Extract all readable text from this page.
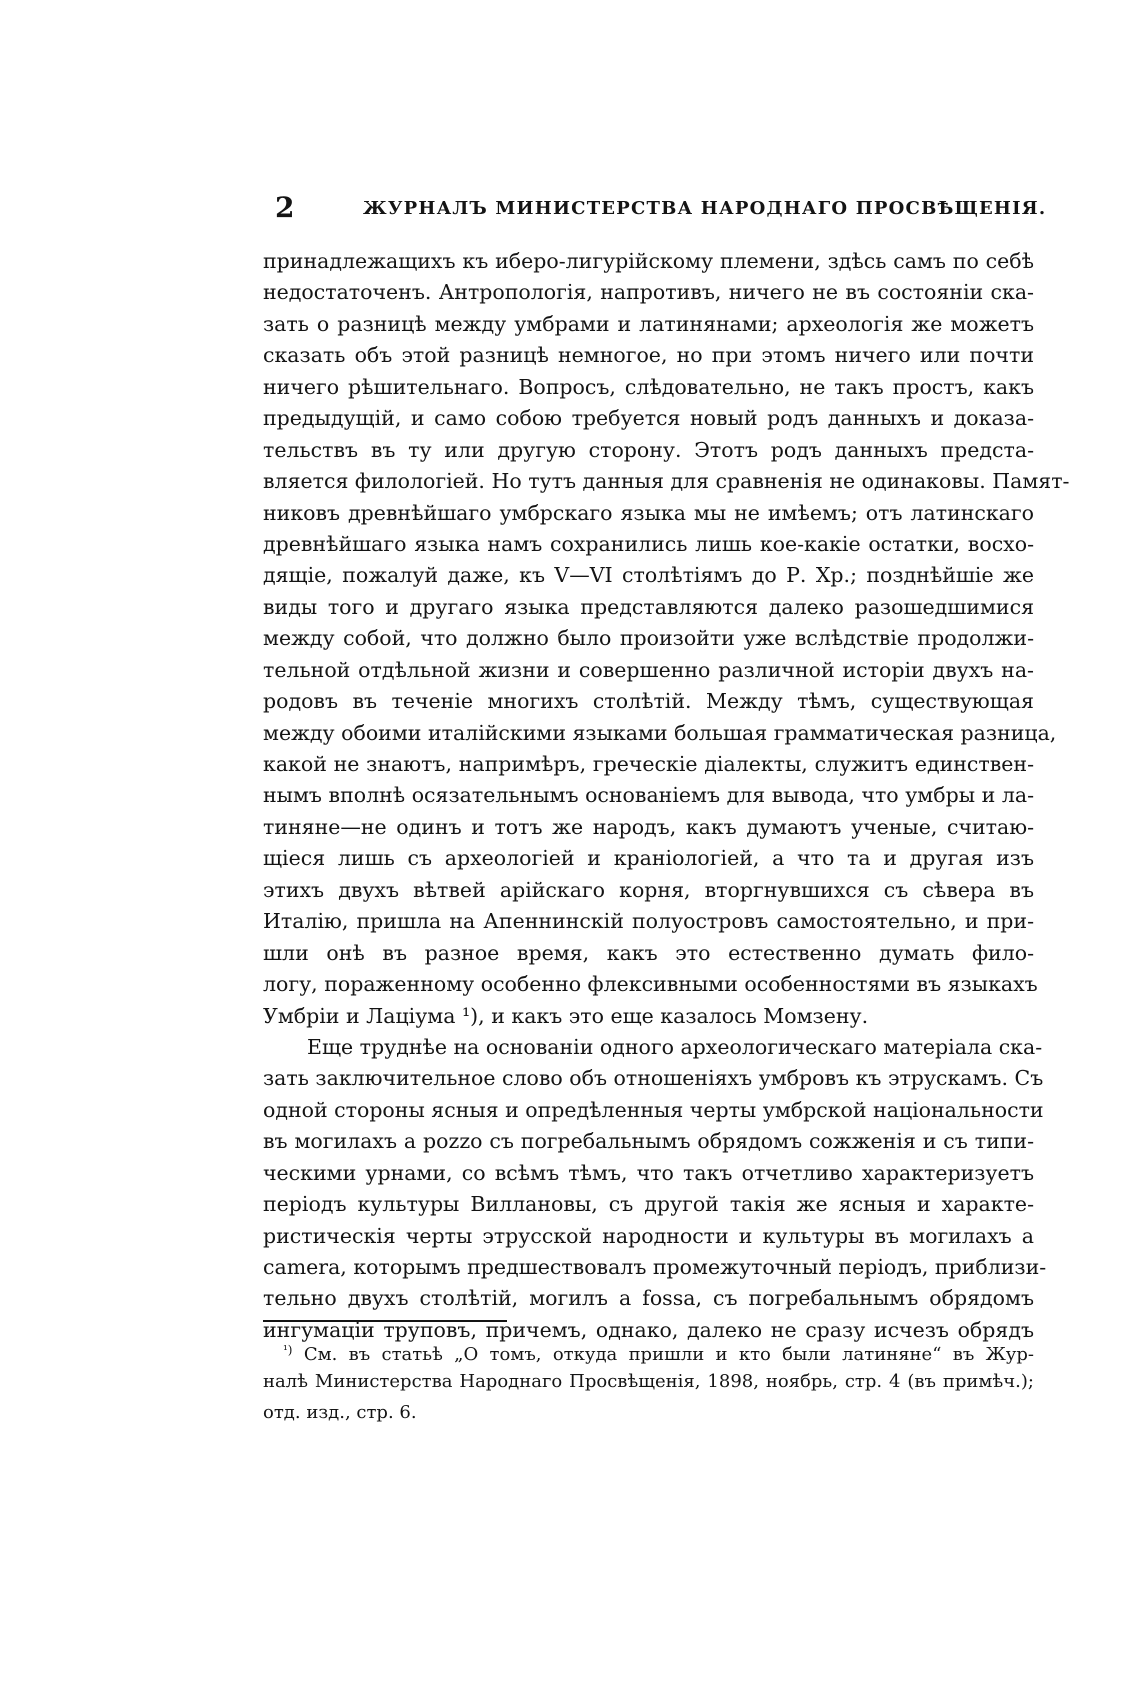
2	ЖУРНАЛЪ МИНИСТЕРСТВА НАРОДНАГО ПРОСВѢЩЕНІЯ.
принадлежащихъ къ иберо-лигурійскому племени, здѣсь самъ по себѣ
недостаточенъ. Антропологія, напротивъ, ничего не въ состояніи ска-
зать о разницѣ между умбрами и латинянами; археологія же можетъ
сказать объ этой разницѣ немногое, но при этомъ ничего или почти
ничего рѣшительнаго. Вопросъ, слѣдовательно, не такъ простъ, какъ
предыдущій, и само собою требуется новый родъ данныхъ и доказа-
тельствъ въ ту или другую сторону. Этотъ родъ данныхъ предста-
вляется филологіей. Но тутъ данныя для сравненія не одинаковы. Памят-
никовъ древнѣйшаго умбрскаго языка мы не имѣемъ; отъ латинскаго
древнѣйшаго языка намъ сохранились лишь кое-какіе остатки, восхо-
дящіе, пожалуй даже, къ V—VI столѣтіямъ до Р. Хр.; позднѣйшіе же
виды того и другаго языка представляются далеко разошедшимися
между собой, что должно было произойти уже вслѣдствіе продолжи-
тельной отдѣльной жизни и совершенно различной исторіи двухъ на-
родовъ въ теченіе многихъ столѣтій. Между тѣмъ, существующая
между обоими италійскими языками большая грамматическая разница,
какой не знаютъ, напримѣръ, греческіе діалекты, служитъ единствен-
нымъ вполнѣ осязательнымъ основаніемъ для вывода, что умбры и ла-
тиняне—не одинъ и тотъ же народъ, какъ думаютъ ученые, считаю-
щіеся лишь съ археологіей и краніологіей, а что та и другая изъ
этихъ двухъ вѣтвей арійскаго корня, вторгнувшихся съ сѣвера въ
Италію, пришла на Апеннинскій полуостровъ самостоятельно, и при-
шли онѣ въ разное время, какъ это естественно думать фило-
логу, пораженному особенно флексивными особенностями въ языкахъ
Умбріи и Лаціума ¹), и какъ это еще казалось Момзену.
Еще труднѣе на основаніи одного археологическаго матеріала ска-
зать заключительное слово объ отношеніяхъ умбровъ къ этрускамъ. Съ
одной стороны ясныя и опредѣленныя черты умбрской національности
въ могилахъ a pozzo съ погребальнымъ обрядомъ сожженія и съ типи-
ческими урнами, со всѣмъ тѣмъ, что такъ отчетливо характеризуетъ
періодъ культуры Виллановы, съ другой такія же ясныя и характе-
ристическія черты этрусской народности и культуры въ могилахъ a
camera, которымъ предшествовалъ промежуточный періодъ, приблизи-
тельно двухъ столѣтій, могилъ a fossa, съ погребальнымъ обрядомъ
ингумаціи труповъ, причемъ, однако, далеко не сразу исчезъ обрядъ
$^{^1)}$ См. въ статьѣ „О томъ, откуда пришли и кто были латиняне“ въ Жур-
налѣ Министерства Народнаго Просвѣщенія, 1898, ноябрь, стр. 4 (въ примѣч.);
отд. изд., стр. 6.
